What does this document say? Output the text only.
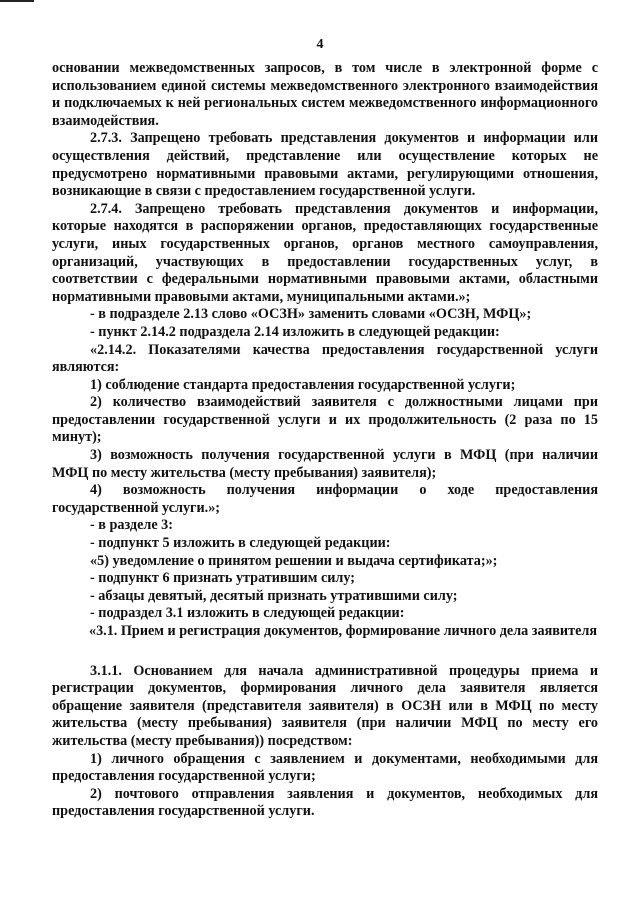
4

основании межведомственных запросов, в том числе в электронной форме с использованием единой системы межведомственного электронного взаимодействия и подключаемых к ней региональных систем межведомственного информационного взаимодействия.

2.7.3. Запрещено требовать представления документов и информации или осуществления действий, представление или осуществление которых не предусмотрено нормативными правовыми актами, регулирующими отношения, возникающие в связи с предоставлением государственной услуги.

2.7.4. Запрещено требовать представления документов и информации, которые находятся в распоряжении органов, предоставляющих государственные услуги, иных государственных органов, органов местного самоуправления, организаций, участвующих в предоставлении государственных услуг, в соответствии с федеральными нормативными правовыми актами, областными нормативными правовыми актами, муниципальными актами.»;

- в подразделе 2.13 слово «ОСЗН» заменить словами «ОСЗН, МФЦ»;

- пункт 2.14.2 подраздела 2.14 изложить в следующей редакции:

«2.14.2. Показателями качества предоставления государственной услуги являются:

1) соблюдение стандарта предоставления государственной услуги;

2) количество взаимодействий заявителя с должностными лицами при предоставлении государственной услуги и их продолжительность (2 раза по 15 минут);

3) возможность получения государственной услуги в МФЦ (при наличии МФЦ по месту жительства (месту пребывания) заявителя);

4) возможность получения информации о ходе предоставления государственной услуги.»;

- в разделе 3:

- подпункт 5 изложить в следующей редакции:

«5) уведомление о принятом решении и выдача сертификата;»;

- подпункт 6 признать утратившим силу;

- абзацы девятый, десятый признать утратившими силу;

- подраздел 3.1 изложить в следующей редакции:

«3.1. Прием и регистрация документов, формирование личного дела заявителя

3.1.1. Основанием для начала административной процедуры приема и регистрации документов, формирования личного дела заявителя является обращение заявителя (представителя заявителя) в ОСЗН или в МФЦ по месту жительства (месту пребывания) заявителя (при наличии МФЦ по месту его жительства (месту пребывания)) посредством:

1) личного обращения с заявлением и документами, необходимыми для предоставления государственной услуги;

2) почтового отправления заявления и документов, необходимых для предоставления государственной услуги.
